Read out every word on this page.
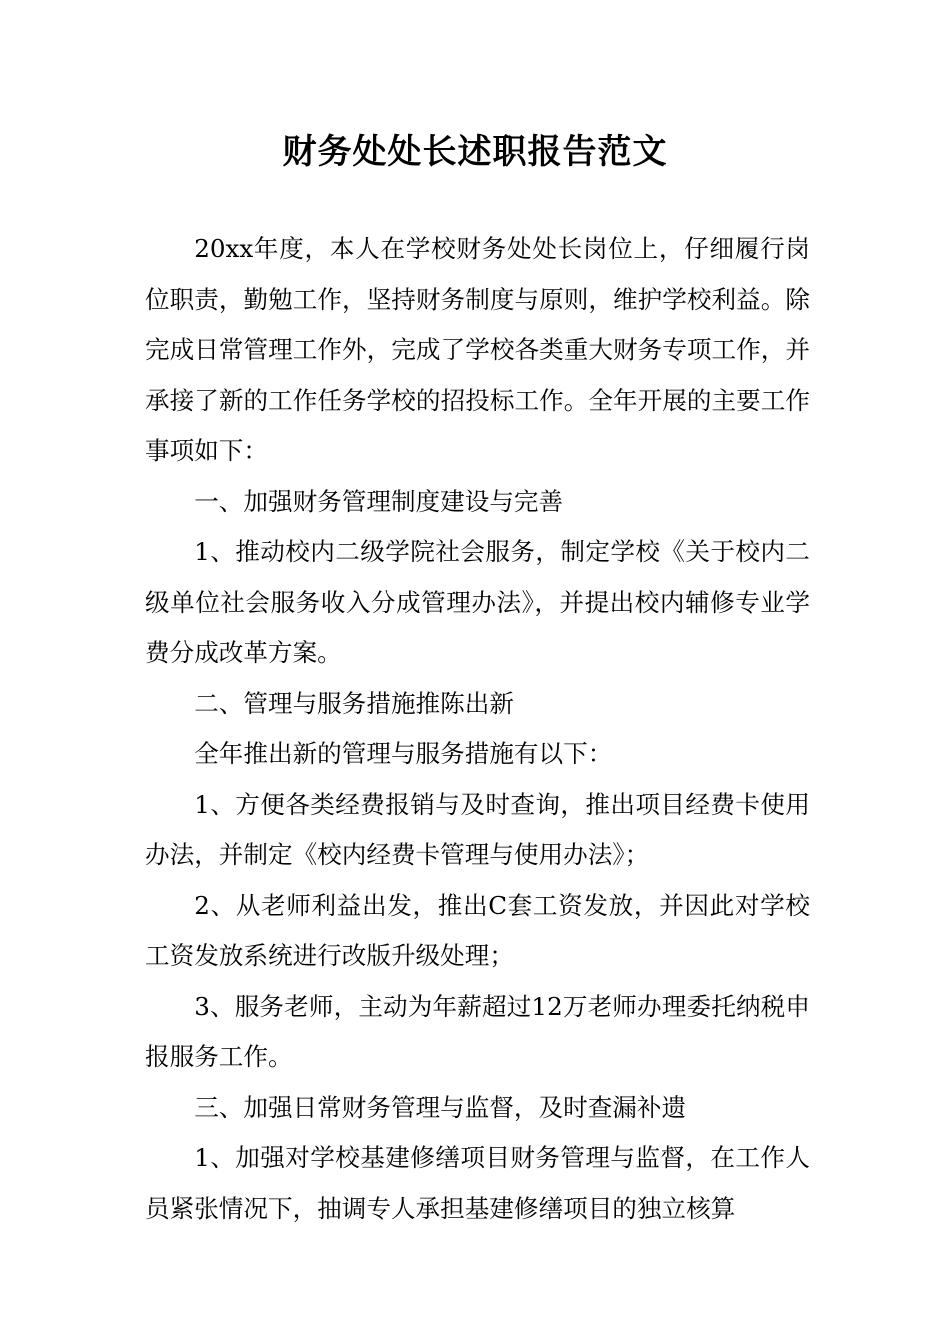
财务处处长述职报告范文

20xx年度，本人在学校财务处处长岗位上，仔细履行岗位职责，勤勉工作，坚持财务制度与原则，维护学校利益。除完成日常管理工作外，完成了学校各类重大财务专项工作，并承接了新的工作任务学校的招投标工作。全年开展的主要工作事项如下：

一、加强财务管理制度建设与完善

1、推动校内二级学院社会服务，制定学校《关于校内二级单位社会服务收入分成管理办法》，并提出校内辅修专业学费分成改革方案。

二、管理与服务措施推陈出新

全年推出新的管理与服务措施有以下：

1、方便各类经费报销与及时查询，推出项目经费卡使用办法，并制定《校内经费卡管理与使用办法》；

2、从老师利益出发，推出C套工资发放，并因此对学校工资发放系统进行改版升级处理；

3、服务老师，主动为年薪超过12万老师办理委托纳税申报服务工作。

三、加强日常财务管理与监督，及时查漏补遗

1、加强对学校基建修缮项目财务管理与监督，在工作人员紧张情况下，抽调专人承担基建修缮项目的独立核算
